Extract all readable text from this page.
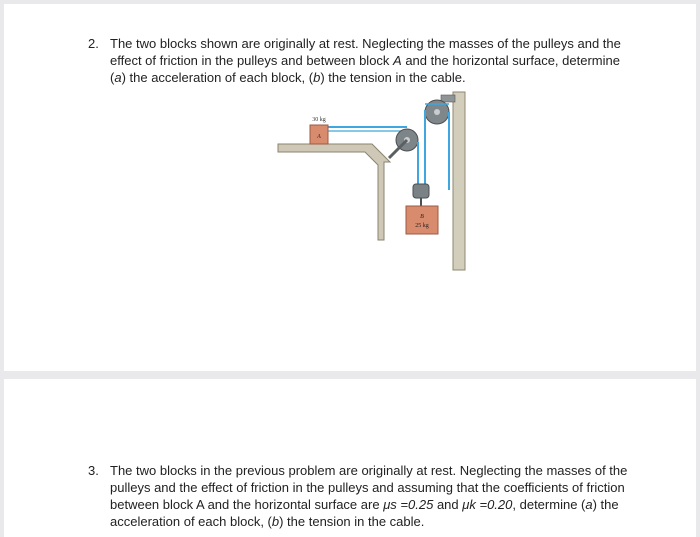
2. The two blocks shown are originally at rest. Neglecting the masses of the pulleys and the effect of friction in the pulleys and between block A and the horizontal surface, determine (a) the acceleration of each block, (b) the tension in the cable.
A
30 kg
B
25 kg
3. The two blocks in the previous problem are originally at rest. Neglecting the masses of the pulleys and the effect of friction in the pulleys and assuming that the coefficients of friction between block A and the horizontal surface are μs =0.25 and μk =0.20, determine (a) the acceleration of each block, (b) the tension in the cable.
